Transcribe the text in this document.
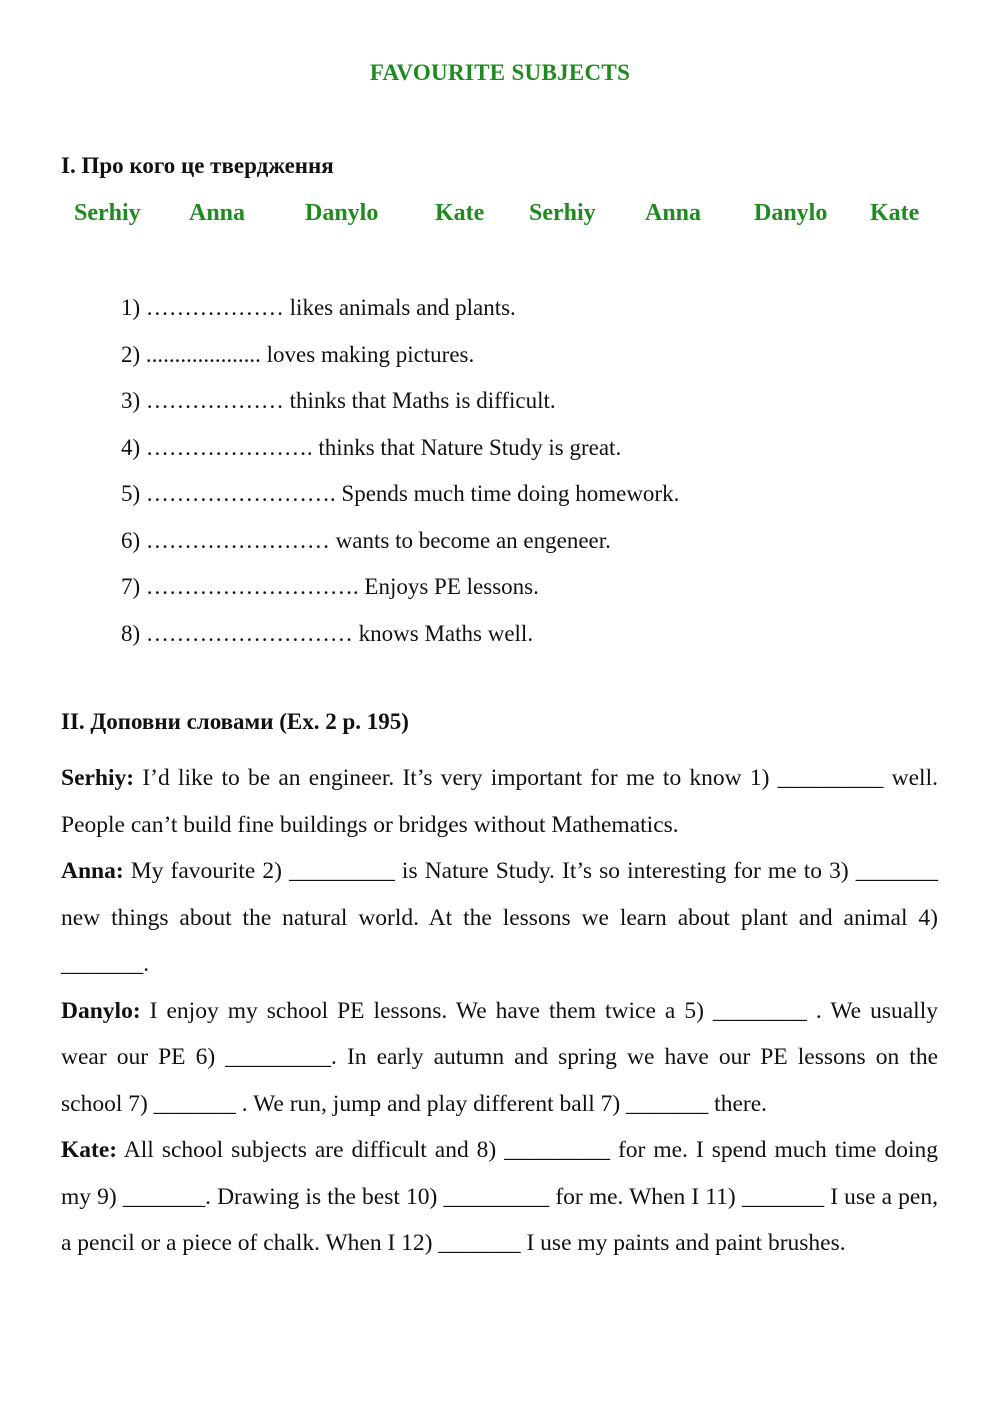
FAVOURITE SUBJECTS
I. Про кого це твердження
Serhiy Anna Danylo Kate Serhiy Anna Danylo Kate
1) ……………… likes animals and plants.
2) .................... loves making pictures.
3) ……………… thinks that Maths is difficult.
4) …………………. thinks that Nature Study is great.
5) ……………………. Spends much time doing homework.
6) …………………… wants to become an engeneer.
7) ………………………. Enjoys PE lessons.
8) ……………………… knows Maths well.
II. Доповни словами (Ex. 2 p. 195)

Serhiy: I’d like to be an engineer. It’s very important for me to know 1) _________ well. People can’t build fine buildings or bridges without Mathematics.

Anna: My favourite 2) _________ is Nature Study. It’s so interesting for me to 3) _______ new things about the natural world. At the lessons we learn about plant and animal 4) _______.

Danylo: I enjoy my school PE lessons. We have them twice a 5) ________ . We usually wear our PE 6) _________. In early autumn and spring we have our PE lessons on the school 7) _______ . We run, jump and play different ball 7) _______ there.

Kate: All school subjects are difficult and 8) _________ for me. I spend much time doing my 9) _______. Drawing is the best 10) _________ for me. When I 11) _______ I use a pen, a pencil or a piece of chalk. When I 12) _______ I use my paints and paint brushes.
